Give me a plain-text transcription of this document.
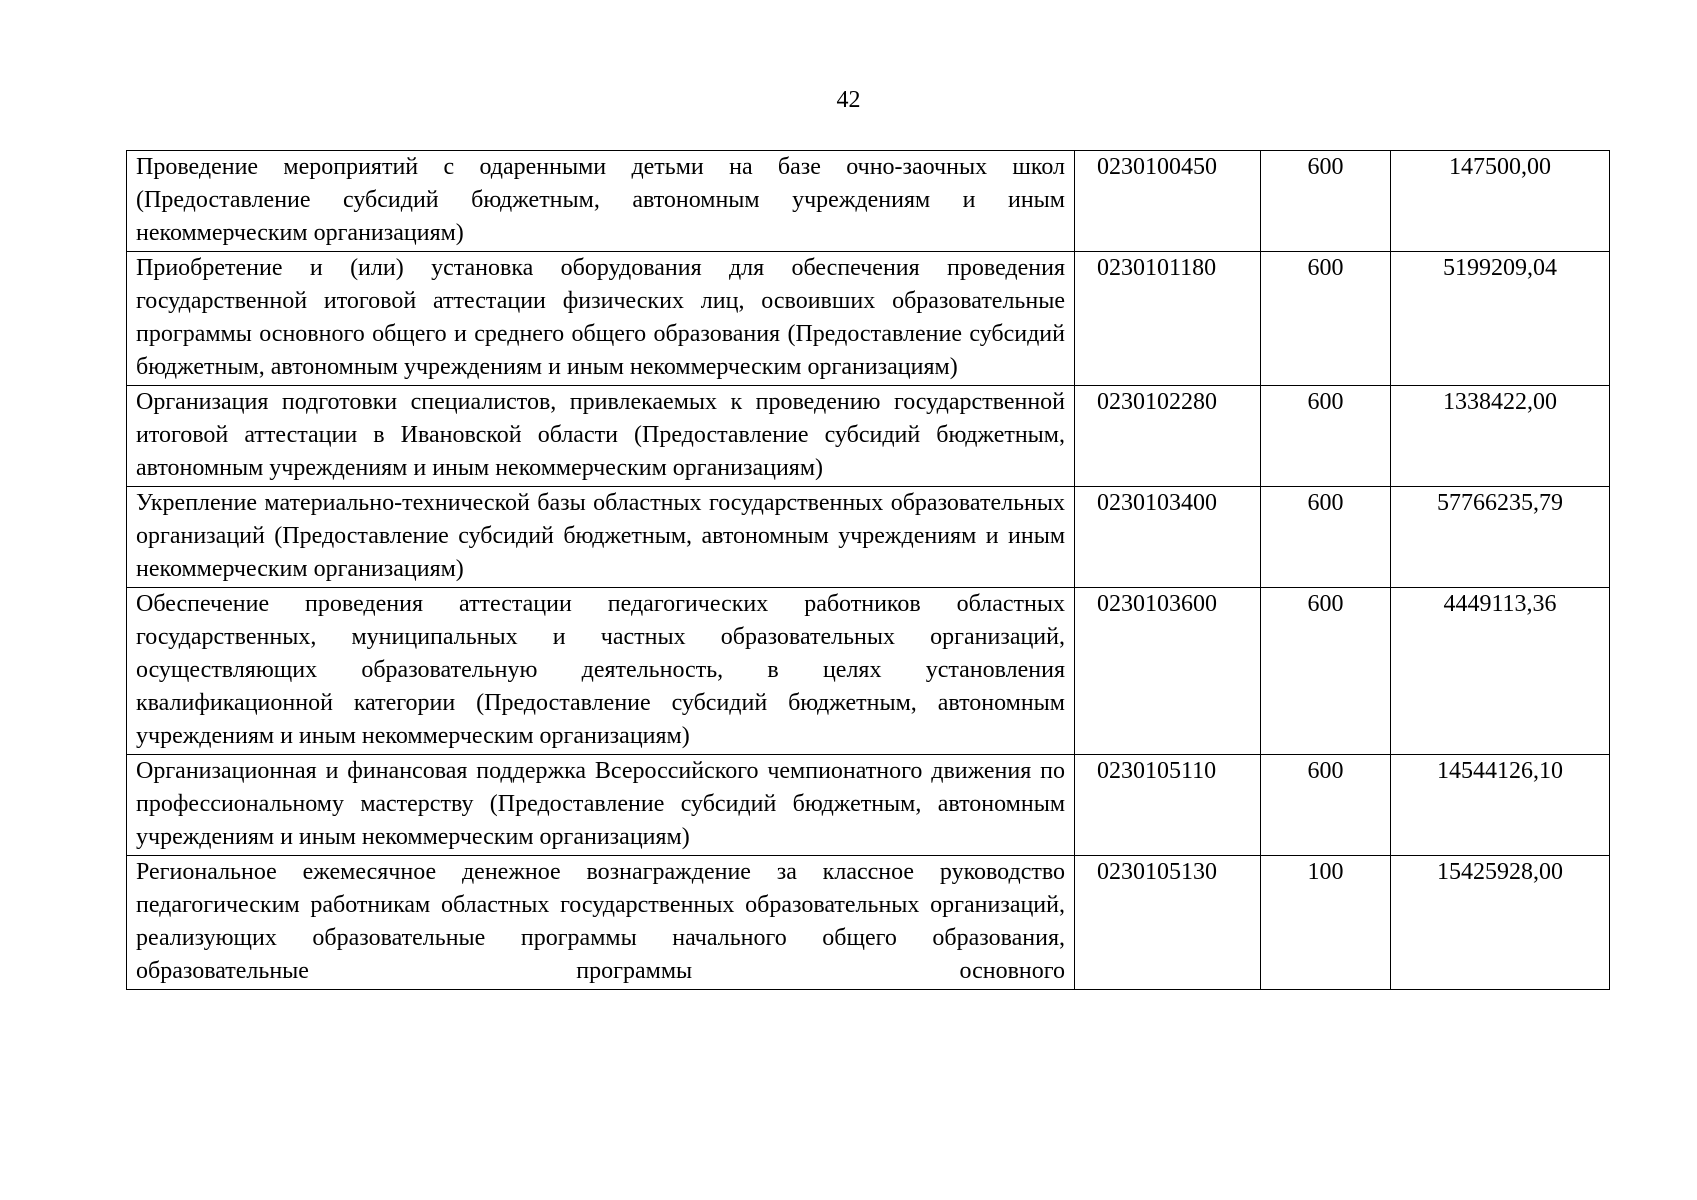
42
Проведение мероприятий с одаренными детьми на базе очно-заочных школ (Предоставление субсидий бюджетным, автономным учреждениям и иным некоммерческим организациям)	0230100450	600	147500,00
Приобретение и (или) установка оборудования для обеспечения проведения государственной итоговой аттестации физических лиц, освоивших образовательные программы основного общего и среднего общего образования (Предоставление субсидий бюджетным, автономным учреждениям и иным некоммерческим организациям)	0230101180	600	5199209,04
Организация подготовки специалистов, привлекаемых к проведению государственной итоговой аттестации в Ивановской области (Предоставление субсидий бюджетным, автономным учреждениям и иным некоммерческим организациям)	0230102280	600	1338422,00
Укрепление материально-технической базы областных государственных образовательных организаций (Предоставление субсидий бюджетным, автономным учреждениям и иным некоммерческим организациям)	0230103400	600	57766235,79
Обеспечение проведения аттестации педагогических работников областных государственных, муниципальных и частных образовательных организаций, осуществляющих образовательную деятельность, в целях установления квалификационной категории (Предоставление субсидий бюджетным, автономным учреждениям и иным некоммерческим организациям)	0230103600	600	4449113,36
Организационная и финансовая поддержка Всероссийского чемпионатного движения по профессиональному мастерству (Предоставление субсидий бюджетным, автономным учреждениям и иным некоммерческим организациям)	0230105110	600	14544126,10
Региональное ежемесячное денежное вознаграждение за классное руководство педагогическим работникам областных государственных образовательных организаций, реализующих образовательные программы начального общего образования, образовательные программы основного	0230105130	100	15425928,00
